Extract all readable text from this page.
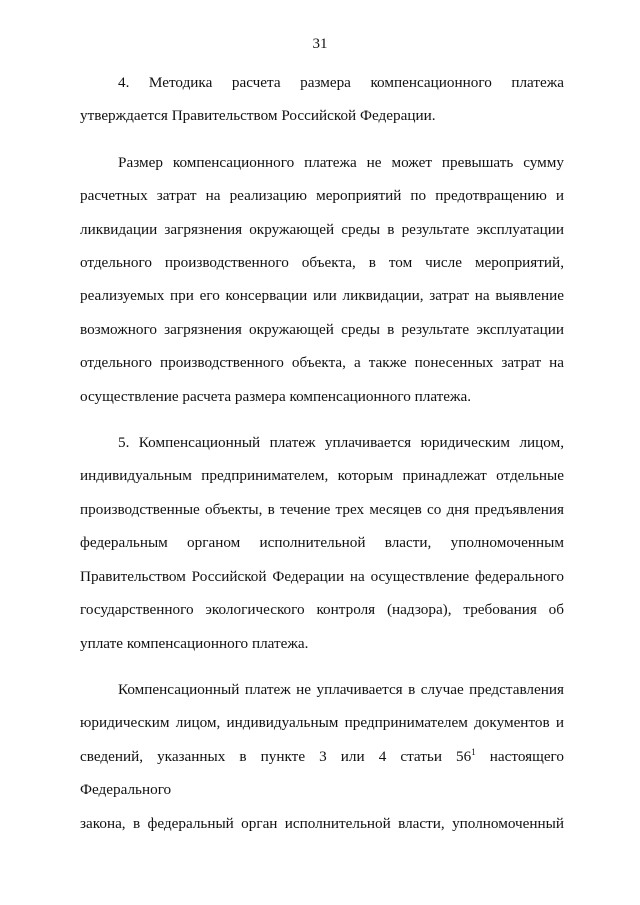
31

4. Методика расчета размера компенсационного платежа
утверждается Правительством Российской Федерации.

Размер компенсационного платежа не может превышать сумму
расчетных затрат на реализацию мероприятий по предотвращению и
ликвидации загрязнения окружающей среды в результате эксплуатации
отдельного производственного объекта, в том числе мероприятий,
реализуемых при его консервации или ликвидации, затрат на выявление
возможного загрязнения окружающей среды в результате эксплуатации
отдельного производственного объекта, а также понесенных затрат на
осуществление расчета размера компенсационного платежа.

5. Компенсационный платеж уплачивается юридическим лицом,
индивидуальным предпринимателем, которым принадлежат отдельные
производственные объекты, в течение трех месяцев со дня предъявления
федеральным органом исполнительной власти, уполномоченным
Правительством Российской Федерации на осуществление федерального
государственного экологического контроля (надзора), требования об
уплате компенсационного платежа.

Компенсационный платеж не уплачивается в случае представления
юридическим лицом, индивидуальным предпринимателем документов и
сведений, указанных в пункте 3 или 4 статьи $56^1$ настоящего Федерального
закона, в федеральный орган исполнительной власти, уполномоченный
